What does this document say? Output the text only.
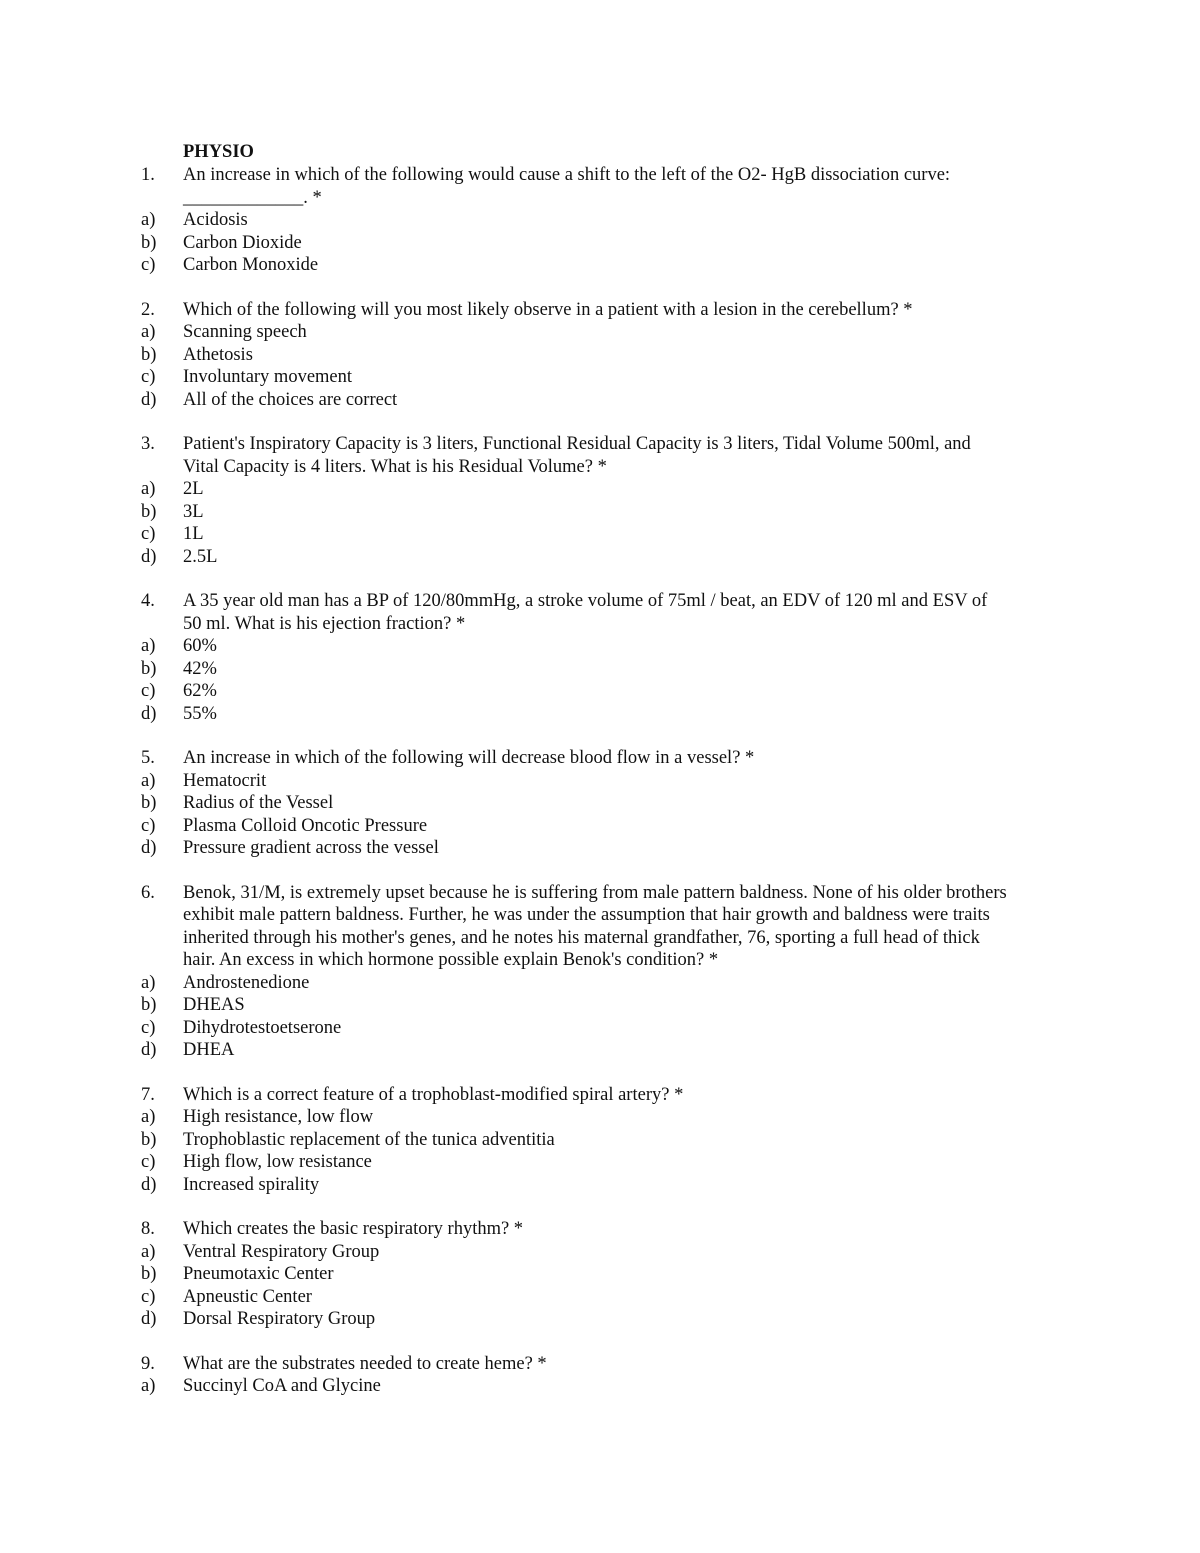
PHYSIO
1.	An increase in which of the following would cause a shift to the left of the O2- HgB dissociation curve:
_____________. *
a)	Acidosis
b)	Carbon Dioxide
c)	Carbon Monoxide
2.	Which of the following will you most likely observe in a patient with a lesion in the cerebellum? *
a)	Scanning speech
b)	Athetosis
c)	Involuntary movement
d)	All of the choices are correct
3.	Patient's Inspiratory Capacity is 3 liters, Functional Residual Capacity is 3 liters, Tidal Volume 500ml, and
Vital Capacity is 4 liters. What is his Residual Volume? *
a)	2L
b)	3L
c)	1L
d)	2.5L
4.	A 35 year old man has a BP of 120/80mmHg, a stroke volume of 75ml / beat, an EDV of 120 ml and ESV of
50 ml. What is his ejection fraction? *
a)	60%
b)	42%
c)	62%
d)	55%
5.	An increase in which of the following will decrease blood flow in a vessel? *
a)	Hematocrit
b)	Radius of the Vessel
c)	Plasma Colloid Oncotic Pressure
d)	Pressure gradient across the vessel
6.	Benok, 31/M, is extremely upset because he is suffering from male pattern baldness. None of his older brothers
exhibit male pattern baldness. Further, he was under the assumption that hair growth and baldness were traits
inherited through his mother's genes, and he notes his maternal grandfather, 76, sporting a full head of thick
hair. An excess in which hormone possible explain Benok's condition? *
a)	Androstenedione
b)	DHEAS
c)	Dihydrotestoetserone
d)	DHEA
7.	Which is a correct feature of a trophoblast-modified spiral artery? *
a)	High resistance, low flow
b)	Trophoblastic replacement of the tunica adventitia
c)	High flow, low resistance
d)	Increased spirality
8.	Which creates the basic respiratory rhythm? *
a)	Ventral Respiratory Group
b)	Pneumotaxic Center
c)	Apneustic Center
d)	Dorsal Respiratory Group
9.	What are the substrates needed to create heme? *
a)	Succinyl CoA and Glycine
